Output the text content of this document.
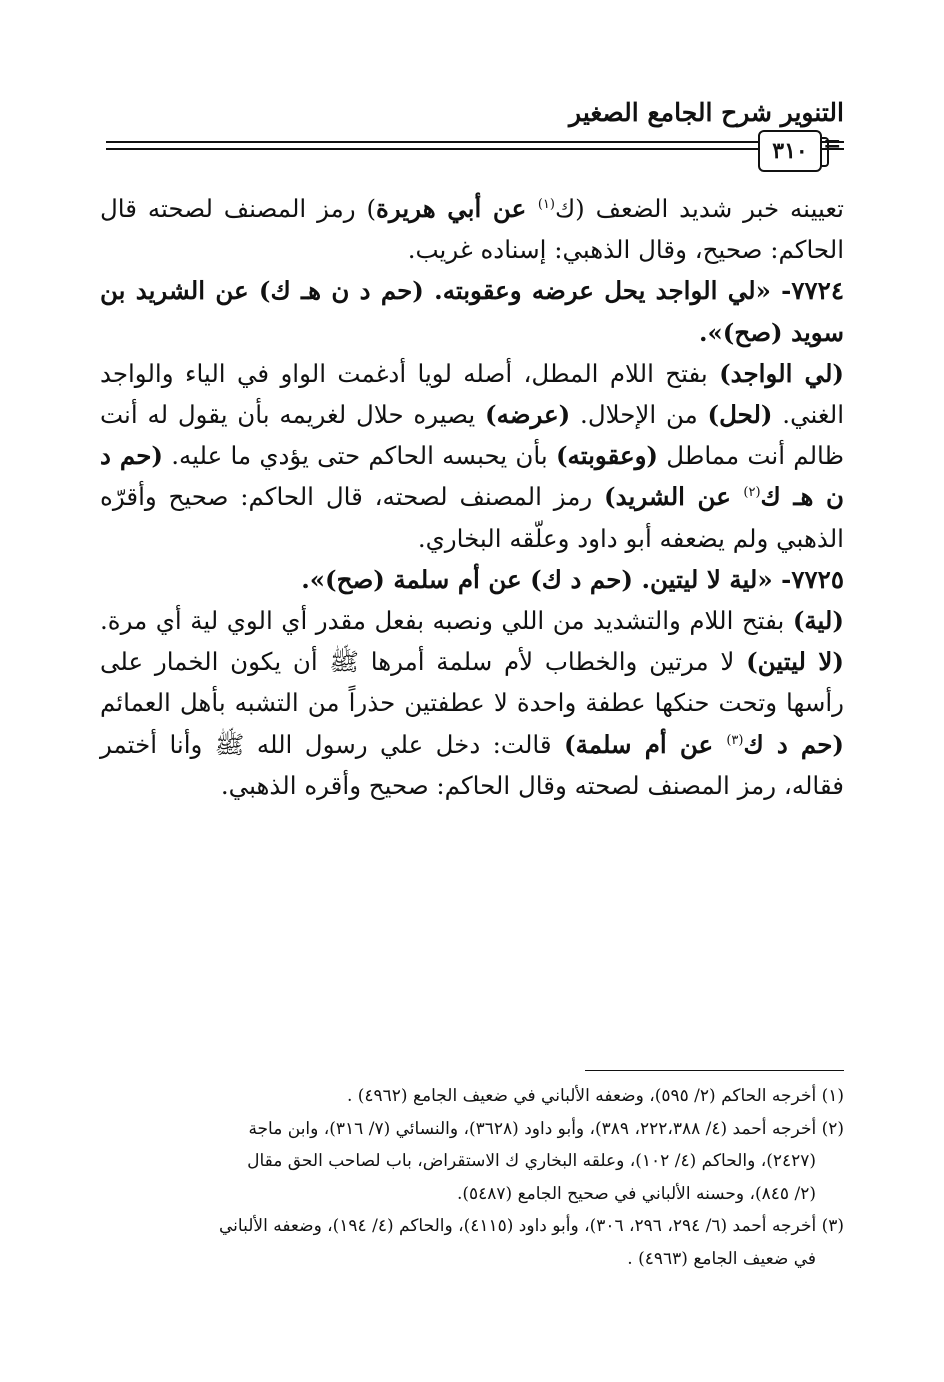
التنوير شرح الجامع الصغير
=
٣١٠

تعيينه خبر شديد الضعف (ك$^{(١)}$ عن أبي هريرة) رمز المصنف لصحته قال الحاكم: صحيح، وقال الذهبي: إسناده غريب.

٧٧٢٤- «لي الواجد يحل عرضه وعقوبته. (حم د ن هـ ك) عن الشريد بن سويد (صح)».

(لي الواجد) بفتح اللام المطل، أصله لويا أدغمت الواو في الياء والواجد الغني. (لحل) من الإحلال. (عرضه) يصيره حلال لغريمه بأن يقول له أنت ظالم أنت مماطل (وعقوبته) بأن يحبسه الحاكم حتى يؤدي ما عليه. (حم د ن هـ ك$^{(٢)}$ عن الشريد) رمز المصنف لصحته، قال الحاكم: صحيح وأقرّه الذهبي ولم يضعفه أبو داود وعلّقه البخاري.

٧٧٢٥- «لية لا ليتين. (حم د ك) عن أم سلمة (صح)».

(لية) بفتح اللام والتشديد من اللي ونصبه بفعل مقدر أي الوي لية أي مرة. (لا ليتين) لا مرتين والخطاب لأم سلمة أمرها ﷺ أن يكون الخمار على رأسها وتحت حنكها عطفة واحدة لا عطفتين حذراً من التشبه بأهل العمائم (حم د ك$^{(٣)}$ عن أم سلمة) قالت: دخل علي رسول الله ﷺ وأنا أختمر فقاله، رمز المصنف لصحته وقال الحاكم: صحيح وأقره الذهبي.

(١) أخرجه الحاكم (٢/ ٥٩٥)، وضعفه الألباني في ضعيف الجامع (٤٩٦٢) .

(٢) أخرجه أحمد (٤/ ٢٢٢،٣٨٨، ٣٨٩)، وأبو داود (٣٦٢٨)، والنسائي (٧/ ٣١٦)، وابن ماجة

(٢٤٢٧)، والحاكم (٤/ ١٠٢)، وعلقه البخاري ك الاستقراض، باب لصاحب الحق مقال

(٢/ ٨٤٥)، وحسنه الألباني في صحيح الجامع (٥٤٨٧).

(٣) أخرجه أحمد (٦/ ٢٩٤، ٢٩٦، ٣٠٦)، وأبو داود (٤١١٥)، والحاكم (٤/ ١٩٤)، وضعفه الألباني

في ضعيف الجامع (٤٩٦٣) .
